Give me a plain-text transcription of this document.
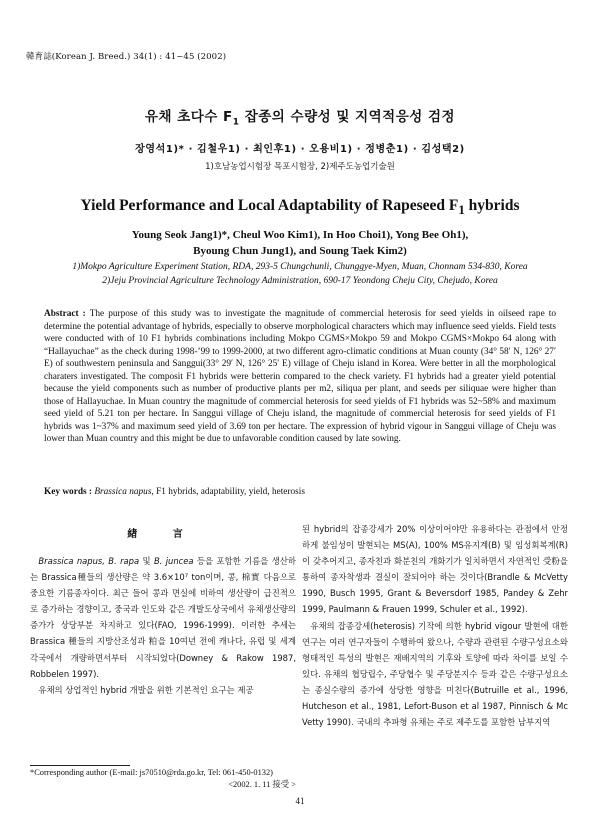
韓育誌(Korean J. Breed.) 34(1) : 41~45 (2002)
유채 초다수 $F_1$ 잡종의 수량성 및 지역적응성 검정
장영석1)* · 김철우1) · 최인후1) · 오용비1) · 정병춘1) · 김성택2)
1)호남농업시험장 목포시험장, 2)제주도농업기술원
Yield Performance and Local Adaptability of Rapeseed $F_1$ hybrids
Young Seok Jang1)*, Cheul Woo Kim1), In Hoo Choi1), Yong Bee Oh1),
Byoung Chun Jung1), and Soung Taek Kim2)
1)Mokpo Agriculture Experiment Station, RDA, 293-5 Chungchunli, Chunggye-Myen, Muan, Chonnam 534-830, Korea
2)Jeju Provincial Agriculture Technology Administration, 690-17 Yeondong Cheju City, Chejudo, Korea

Abstract : The purpose of this study was to investigate the magnitude of commercial heterosis for seed yields in oilseed rape to determine the potential advantage of hybrids, especially to observe morphological characters which may influence seed yields. Field tests were conducted with of 10 F1 hybrids combinations including Mokpo CGMS×Mokpo 59 and Mokpo CGMS×Mokpo 64 along with “Hallayuchae” as the check during 1998-’99 to 1999-2000, at two different agro-climatic conditions at Muan county (34° 58′ N, 126° 27′ E) of southwestern peninsula and Sanggui(33° 29′ N, 126° 25′ E) village of Cheju island in Korea. Were better in all the morphological charaters investigated. The composit F1 hybrids were betterin compared to the check variety. F1 hybrids had a greater yield potential because the yield components such as number of productive plants per m2, siliqua per plant, and seeds per siliquae were higher than those of Hallayuchae. In Muan country the magnitude of commercial heterosis for seed yields of F1 hybrids was 52~58% and maximum seed yield of 5.21 ton per hectare. In Sanggui village of Cheju island, the magnitude of commercial heterosis for seed yields of F1 hybrids was 1~37% and maximum seed yield of 3.69 ton per hectare. The expression of hybrid vigour in Sanggui village of Cheju was lower than Muan country and this might be due to unfavorable condition caused by late sowing.

Key words : Brassica napus, F1 hybrids, adaptability, yield, heterosis
緖 言

 Brassica napus, B. rapa 및 B. juncea 등을 포함한 기름을 생산하는 Brassica種들의 생산량은 약 3.6×10⁷ ton이며, 콩, 棉實 다음으로 중요한 기름종자이다. 최근 들어 콩과 면실에 비하여 생산량이 급진적으로 증가하는 경향이고, 중국과 인도와 같은 개발도상국에서 유채생산량의 증가가 상당부분 차지하고 있다(FAO, 1996-1999). 이러한 추세는 Brassica 種들의 지방산조성과 粕을 10여년 전에 캐나다, 유럽 및 세계각국에서 개량하면서부터 시작되었다(Downey & Rakow 1987, Robbelen 1997).

 유채의 상업적인 hybrid 개발을 위한 기본적인 요구는 제공

된 hybrid의 잡종강세가 20% 이상이어야만 유용하다는 관점에서 안정하게 불임성이 발현되는 MS(A), 100% MS유지계(B) 및 임성회복계(R)이 갖추어지고, 종자친과 화분친의 개화기가 일치하면서 자연적인 受粉을 통하여 종자착생과 결실이 잘되어야 하는 것이다(Brandle & McVetty 1990, Busch 1995, Grant & Beversdorf 1985, Pandey & Zehr 1999, Paulmann & Frauen 1999, Schuler et al., 1992).

 유채의 잡종강세(heterosis) 기작에 의한 hybrid vigour 발현에 대한 연구는 여러 연구자들이 수행하여 왔으나, 수량과 관련된 수량구성요소와 형태적인 특성의 발현은 재배지역의 기후와 토양에 따라 차이를 보일 수 있다. 유채의 협당립수, 주당협수 및 주당분지수 등과 같은 수량구성요소는 종실수량의 증가에 상당한 영향을 미친다(Butruille et al., 1996, Hutcheson et al., 1981, Lefort-Buson et al 1987, Pinnisch & Mc Vetty 1990). 국내의 추파형 유채는 주로 제주도를 포함한 남부지역

*Corresponding author (E-mail: js70510@rda.go.kr, Tel: 061-450-0132)
<2002. 1. 11 接受 >
41
